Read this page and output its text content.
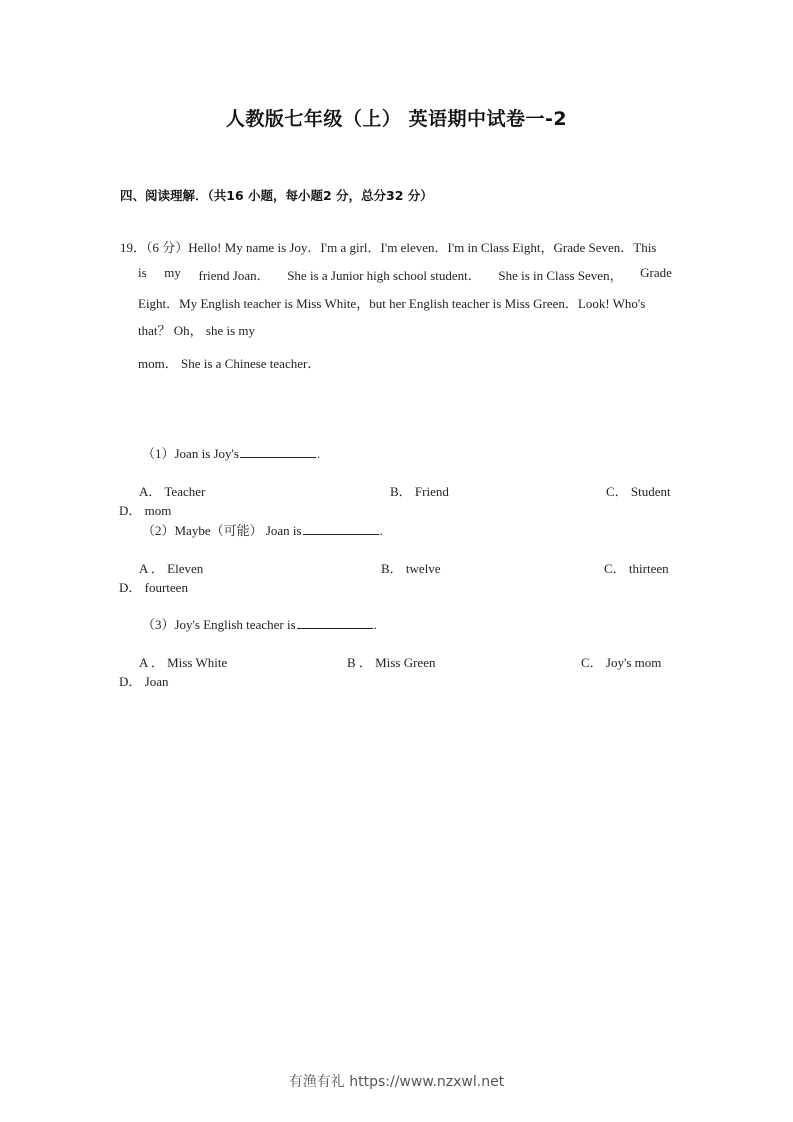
人教版七年级（上） 英语期中试卷一-2
四、阅读理解．（共16 小题，每小题2 分，总分32 分）
19．（6 分）Hello! My name is Joy．I'm a girl．I'm eleven．I'm in Class Eight，Grade Seven．This
is my friend Joan． She is a Junior high school student． She is in Class Seven， Grade
Eight．My English teacher is Miss White，but her English teacher is Miss Green．Look! Who's
that？ Oh， she is my
mom． She is a Chinese teacher．
（1）Joan is Joy's	.
A． Teacher	B． Friend	C． Student
D． mom
（2）Maybe（可能） Joan is	.
A ． Eleven	B． twelve	C． thirteen
D． fourteen
（3）Joy's English teacher is	.
A ． Miss White	B ． Miss Green	C． Joy's mom
D． Joan
有渔有礼 https://www.nzxwl.net
